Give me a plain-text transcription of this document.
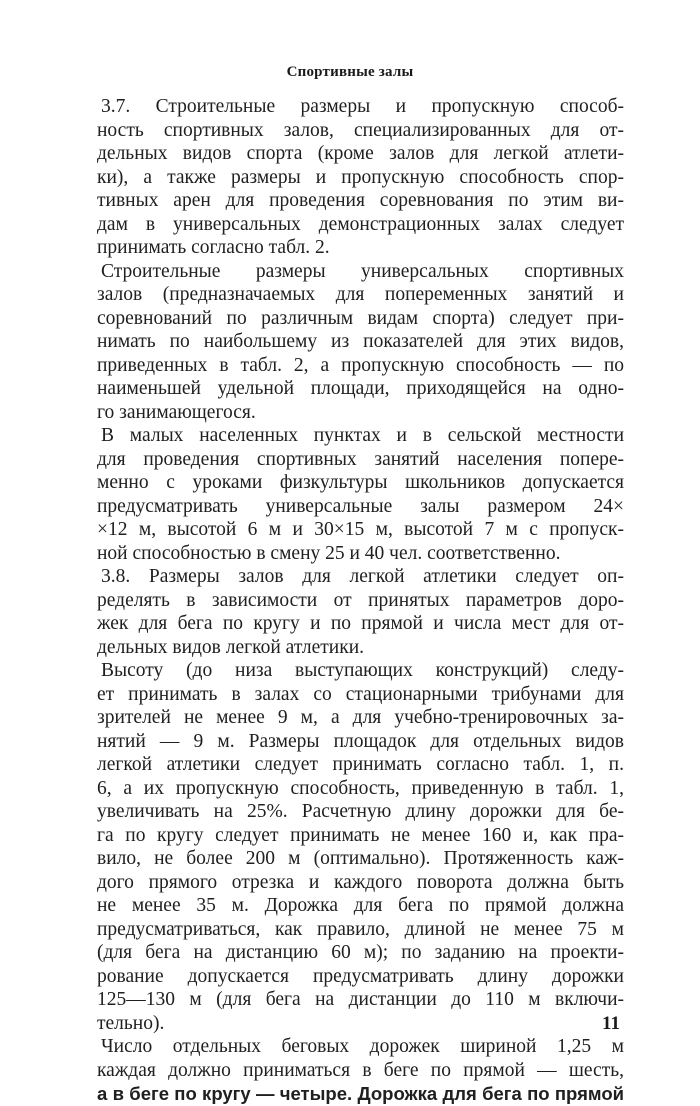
Спортивные залы
3.7. Строительные размеры и пропускную способ-
ность спортивных залов, специализированных для от-
дельных видов спорта (кроме залов для легкой атлети-
ки), а также размеры и пропускную способность спор-
тивных арен для проведения соревнования по этим ви-
дам в универсальных демонстрационных залах следует
принимать согласно табл. 2.
Строительные размеры универсальных спортивных
залов (предназначаемых для попеременных занятий и
соревнований по различным видам спорта) следует при-
нимать по наибольшему из показателей для этих видов,
приведенных в табл. 2, а пропускную способность — по
наименьшей удельной площади, приходящейся на одно-
го занимающегося.
В малых населенных пунктах и в сельской местности
для проведения спортивных занятий населения попере-
менно с уроками физкультуры школьников допускается
предусматривать универсальные залы размером 24×
×12 м, высотой 6 м и 30×15 м, высотой 7 м с пропуск-
ной способностью в смену 25 и 40 чел. соответственно.
3.8. Размеры залов для легкой атлетики следует оп-
ределять в зависимости от принятых параметров доро-
жек для бега по кругу и по прямой и числа мест для от-
дельных видов легкой атлетики.
Высоту (до низа выступающих конструкций) следу-
ет принимать в залах со стационарными трибунами для
зрителей не менее 9 м, а для учебно-тренировочных за-
нятий — 9 м. Размеры площадок для отдельных видов
легкой атлетики следует принимать согласно табл. 1, п.
6, а их пропускную способность, приведенную в табл. 1,
увеличивать на 25%. Расчетную длину дорожки для бе-
га по кругу следует принимать не менее 160 и, как пра-
вило, не более 200 м (оптимально). Протяженность каж-
дого прямого отрезка и каждого поворота должна быть
не менее 35 м. Дорожка для бега по прямой должна
предусматриваться, как правило, длиной не менее 75 м
(для бега на дистанцию 60 м); по заданию на проекти-
рование допускается предусматривать длину дорожки
125—130 м (для бега на дистанции до 110 м включи-
тельно).
Число отдельных беговых дорожек шириной 1,25 м
каждая должно приниматься в беге по прямой — шесть,
а в беге по кругу — четыре. Дорожка для бега по прямой
11
